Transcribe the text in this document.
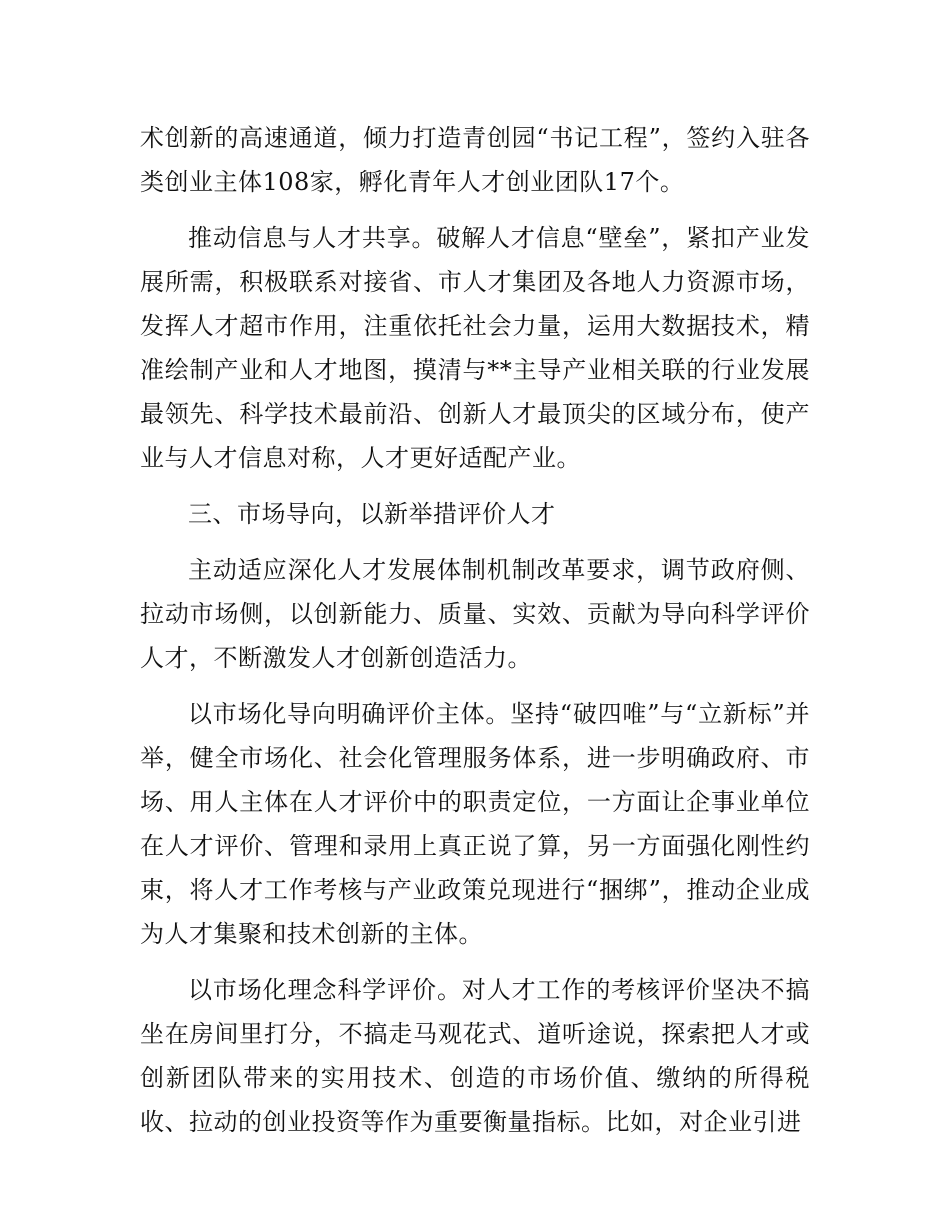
术创新的高速通道，倾力打造青创园“书记工程”，签约入驻各类创业主体108家，孵化青年人才创业团队17个。

推动信息与人才共享。破解人才信息“壁垒”，紧扣产业发展所需，积极联系对接省、市人才集团及各地人力资源市场，发挥人才超市作用，注重依托社会力量，运用大数据技术，精准绘制产业和人才地图，摸清与**主导产业相关联的行业发展最领先、科学技术最前沿、创新人才最顶尖的区域分布，使产业与人才信息对称，人才更好适配产业。

三、市场导向，以新举措评价人才

主动适应深化人才发展体制机制改革要求，调节政府侧、拉动市场侧，以创新能力、质量、实效、贡献为导向科学评价人才，不断激发人才创新创造活力。

以市场化导向明确评价主体。坚持“破四唯”与“立新标”并举，健全市场化、社会化管理服务体系，进一步明确政府、市场、用人主体在人才评价中的职责定位，一方面让企事业单位在人才评价、管理和录用上真正说了算，另一方面强化刚性约束，将人才工作考核与产业政策兑现进行“捆绑”，推动企业成为人才集聚和技术创新的主体。

以市场化理念科学评价。对人才工作的考核评价坚决不搞坐在房间里打分，不搞走马观花式、道听途说，探索把人才或创新团队带来的实用技术、创造的市场价值、缴纳的所得税收、拉动的创业投资等作为重要衡量指标。比如，对企业引进
